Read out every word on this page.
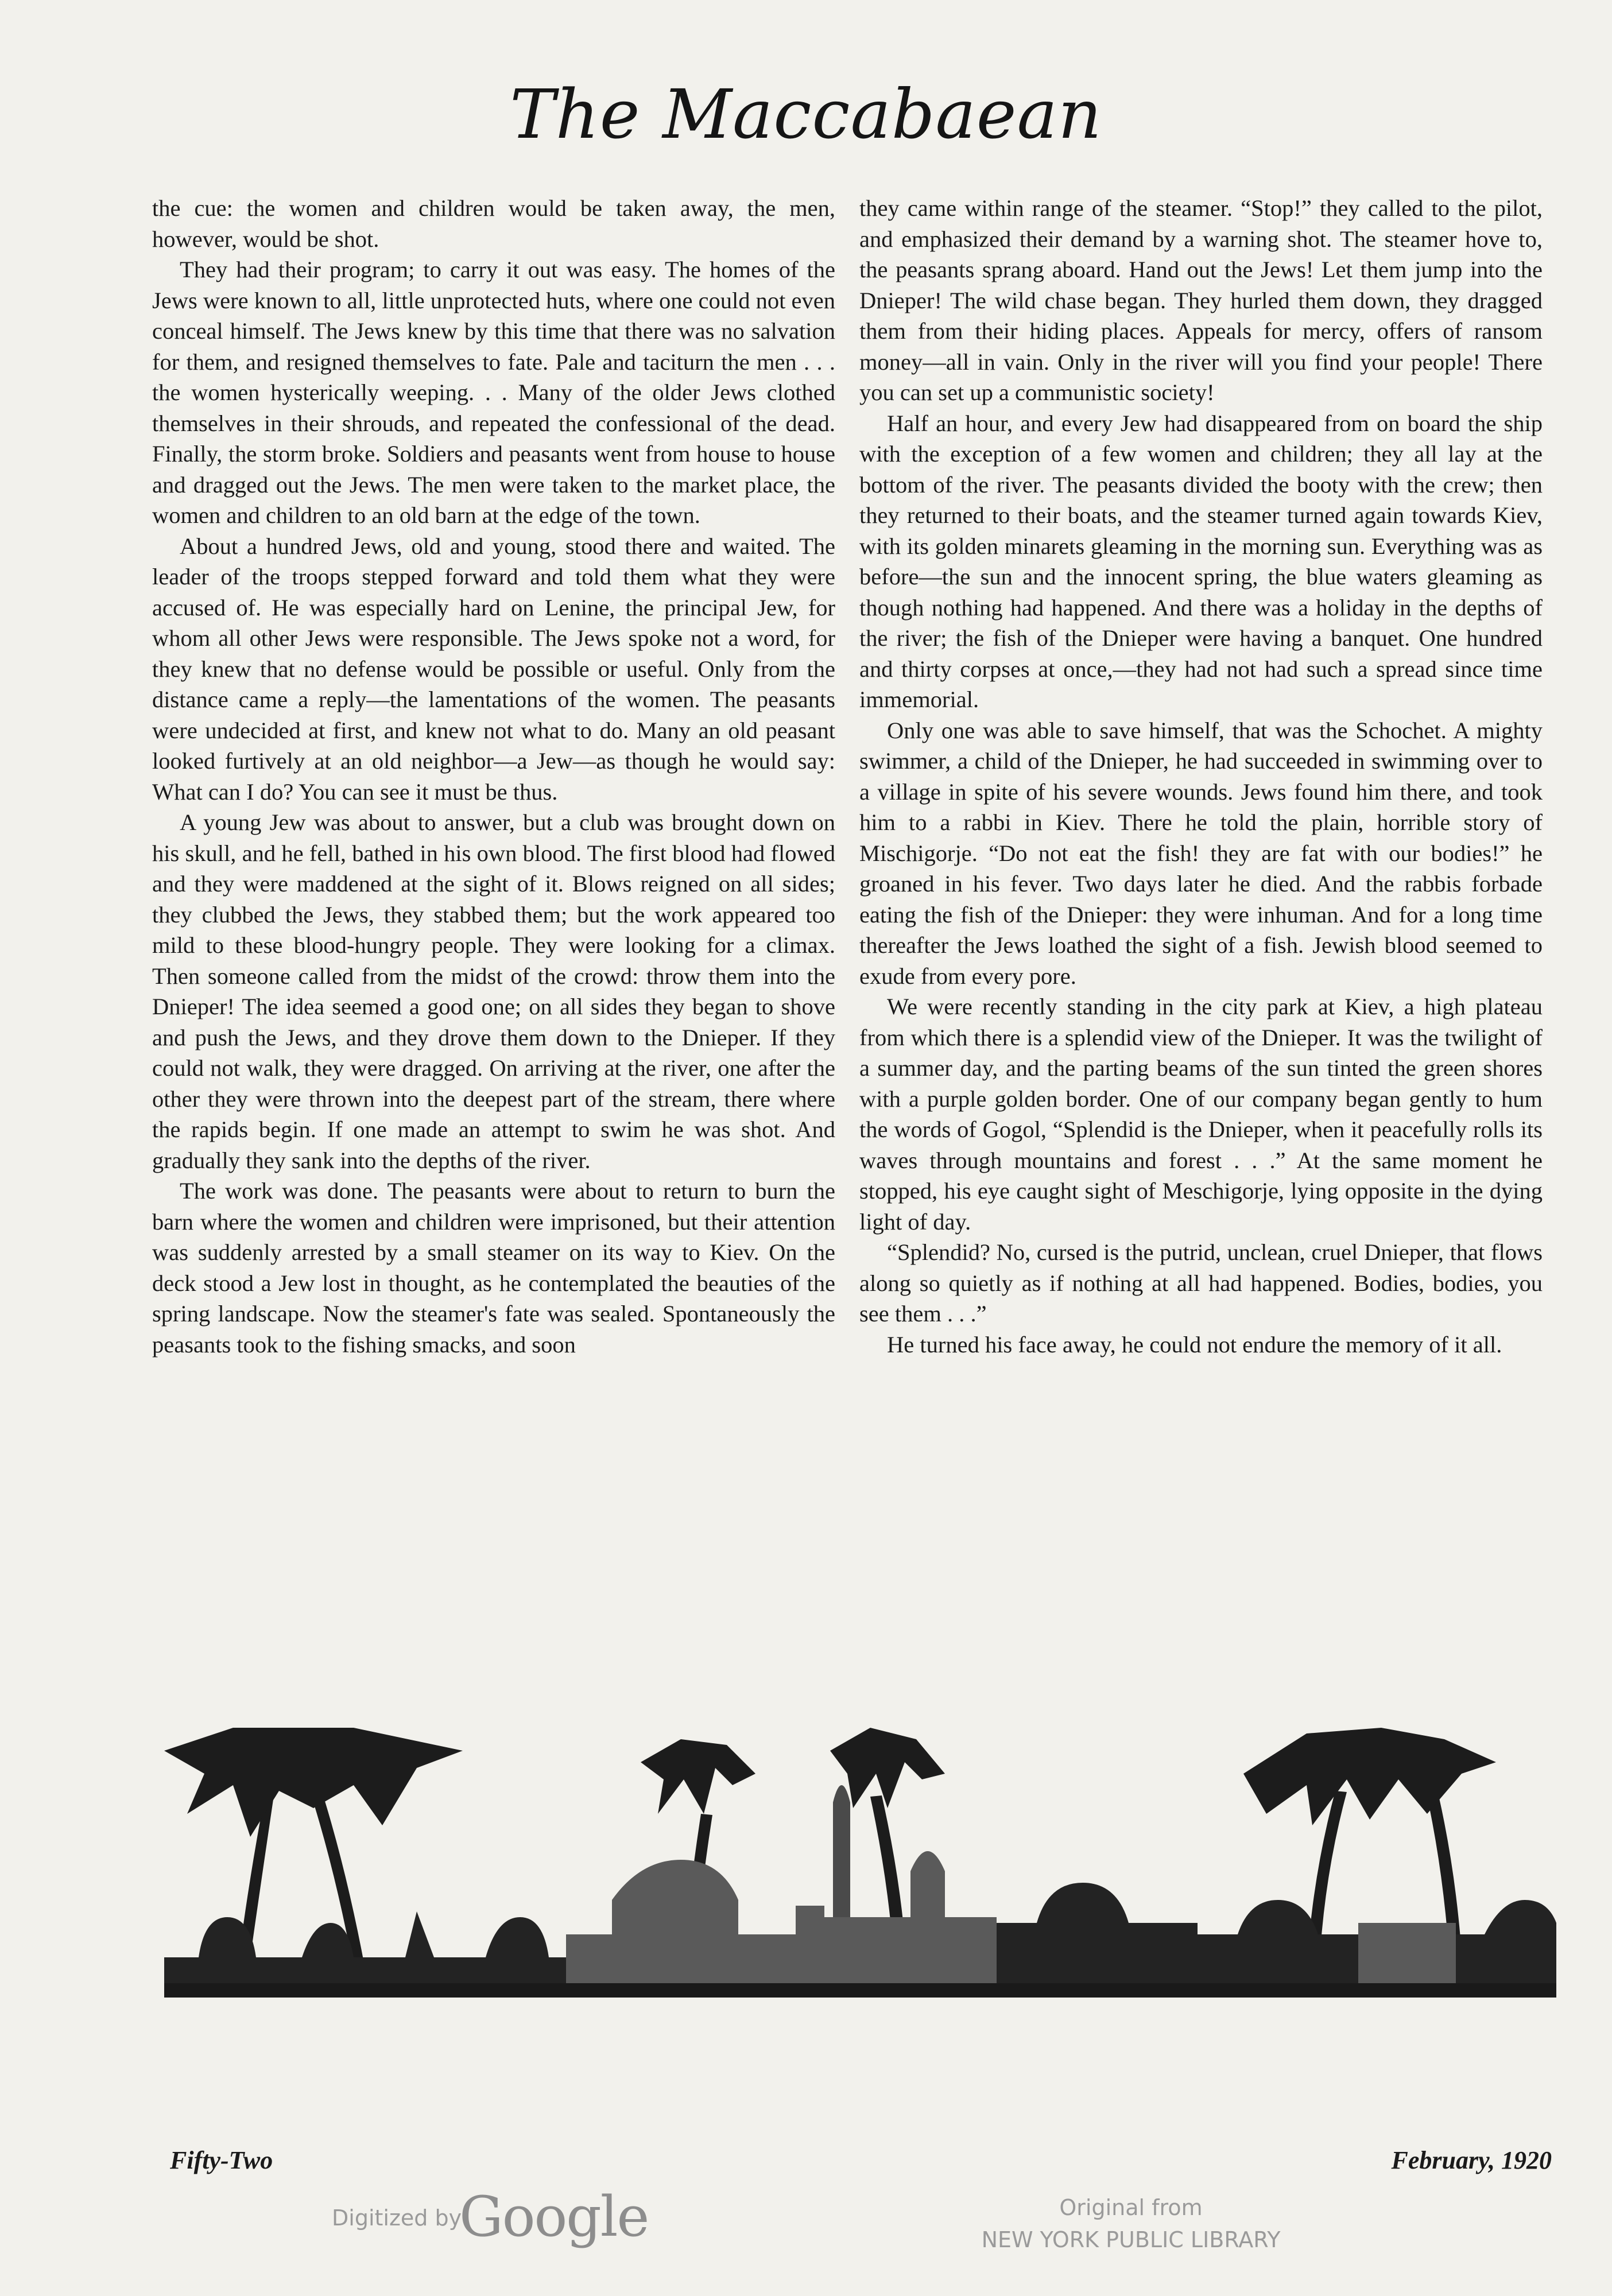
The Maccabaean

the cue: the women and children would be taken away, the men, however, would be shot.

They had their program; to carry it out was easy. The homes of the Jews were known to all, little unprotected huts, where one could not even conceal himself. The Jews knew by this time that there was no salvation for them, and resigned themselves to fate. Pale and taciturn the men . . . the women hysterically weeping. . . Many of the older Jews clothed themselves in their shrouds, and repeated the confessional of the dead. Finally, the storm broke. Soldiers and peasants went from house to house and dragged out the Jews. The men were taken to the market place, the women and children to an old barn at the edge of the town.

About a hundred Jews, old and young, stood there and waited. The leader of the troops stepped forward and told them what they were accused of. He was especially hard on Lenine, the principal Jew, for whom all other Jews were responsible. The Jews spoke not a word, for they knew that no defense would be possible or useful. Only from the distance came a reply—the lamentations of the women. The peasants were undecided at first, and knew not what to do. Many an old peasant looked furtively at an old neighbor—a Jew—as though he would say: What can I do? You can see it must be thus.

A young Jew was about to answer, but a club was brought down on his skull, and he fell, bathed in his own blood. The first blood had flowed and they were maddened at the sight of it. Blows reigned on all sides; they clubbed the Jews, they stabbed them; but the work appeared too mild to these blood-hungry people. They were looking for a climax. Then someone called from the midst of the crowd: throw them into the Dnieper! The idea seemed a good one; on all sides they began to shove and push the Jews, and they drove them down to the Dnieper. If they could not walk, they were dragged. On arriving at the river, one after the other they were thrown into the deepest part of the stream, there where the rapids begin. If one made an attempt to swim he was shot. And gradually they sank into the depths of the river.

The work was done. The peasants were about to return to burn the barn where the women and children were imprisoned, but their attention was suddenly arrested by a small steamer on its way to Kiev. On the deck stood a Jew lost in thought, as he contemplated the beauties of the spring landscape. Now the steamer's fate was sealed. Spontaneously the peasants took to the fishing smacks, and soon

they came within range of the steamer. “Stop!” they called to the pilot, and emphasized their demand by a warning shot. The steamer hove to, the peasants sprang aboard. Hand out the Jews! Let them jump into the Dnieper! The wild chase began. They hurled them down, they dragged them from their hiding places. Appeals for mercy, offers of ransom money—all in vain. Only in the river will you find your people! There you can set up a communistic society!

Half an hour, and every Jew had disappeared from on board the ship with the exception of a few women and children; they all lay at the bottom of the river. The peasants divided the booty with the crew; then they returned to their boats, and the steamer turned again towards Kiev, with its golden minarets gleaming in the morning sun. Everything was as before—the sun and the innocent spring, the blue waters gleaming as though nothing had happened. And there was a holiday in the depths of the river; the fish of the Dnieper were having a banquet. One hundred and thirty corpses at once,—they had not had such a spread since time immemorial.

Only one was able to save himself, that was the Schochet. A mighty swimmer, a child of the Dnieper, he had succeeded in swimming over to a village in spite of his severe wounds. Jews found him there, and took him to a rabbi in Kiev. There he told the plain, horrible story of Mischigorje. “Do not eat the fish! they are fat with our bodies!” he groaned in his fever. Two days later he died. And the rabbis forbade eating the fish of the Dnieper: they were inhuman. And for a long time thereafter the Jews loathed the sight of a fish. Jewish blood seemed to exude from every pore.

We were recently standing in the city park at Kiev, a high plateau from which there is a splendid view of the Dnieper. It was the twilight of a summer day, and the parting beams of the sun tinted the green shores with a purple golden border. One of our company began gently to hum the words of Gogol, “Splendid is the Dnieper, when it peacefully rolls its waves through mountains and forest . . .” At the same moment he stopped, his eye caught sight of Meschigorje, lying opposite in the dying light of day.

“Splendid? No, cursed is the putrid, unclean, cruel Dnieper, that flows along so quietly as if nothing at all had happened. Bodies, bodies, you see them . . .”

He turned his face away, he could not endure the memory of it all.

Fifty-Two	February, 1920
Digitized by
Google	Original from
NEW YORK PUBLIC LIBRARY
